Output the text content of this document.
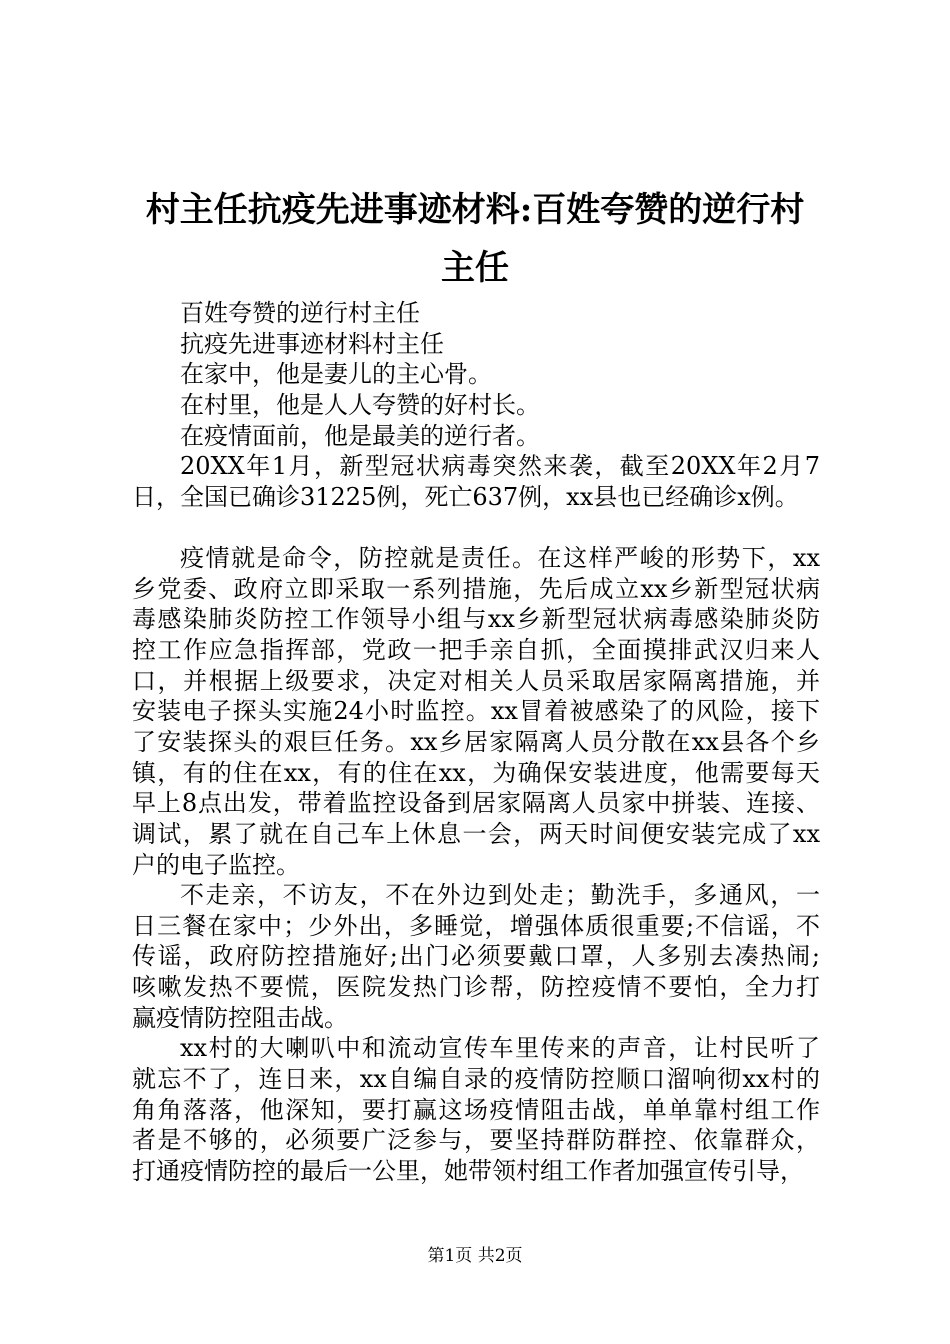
村主任抗疫先进事迹材料:百姓夸赞的逆行村
主任
百姓夸赞的逆行村主任
抗疫先进事迹材料村主任
在家中，他是妻儿的主心骨。
在村里，他是人人夸赞的好村长。
在疫情面前，他是最美的逆行者。
20XX年1月，新型冠状病毒突然来袭，截至20XX年2月7
日，全国已确诊31225例，死亡637例，xx县也已经确诊x例。
疫情就是命令，防控就是责任。在这样严峻的形势下，xx
乡党委、政府立即采取一系列措施，先后成立xx乡新型冠状病
毒感染肺炎防控工作领导小组与xx乡新型冠状病毒感染肺炎防
控工作应急指挥部，党政一把手亲自抓，全面摸排武汉归来人
口，并根据上级要求，决定对相关人员采取居家隔离措施，并
安装电子探头实施24小时监控。xx冒着被感染了的风险，接下
了安装探头的艰巨任务。xx乡居家隔离人员分散在xx县各个乡
镇，有的住在xx，有的住在xx，为确保安装进度，他需要每天
早上8点出发，带着监控设备到居家隔离人员家中拼装、连接、
调试，累了就在自己车上休息一会，两天时间便安装完成了xx
户的电子监控。
不走亲，不访友，不在外边到处走；勤洗手，多通风，一
日三餐在家中；少外出，多睡觉，增强体质很重要;不信谣，不
传谣，政府防控措施好;出门必须要戴口罩，人多别去凑热闹;
咳嗽发热不要慌，医院发热门诊帮，防控疫情不要怕，全力打
赢疫情防控阻击战。
xx村的大喇叭中和流动宣传车里传来的声音，让村民听了
就忘不了，连日来，xx自编自录的疫情防控顺口溜响彻xx村的
角角落落，他深知，要打赢这场疫情阻击战，单单靠村组工作
者是不够的，必须要广泛参与，要坚持群防群控、依靠群众，
打通疫情防控的最后一公里，她带领村组工作者加强宣传引导，
第1页 共2页
